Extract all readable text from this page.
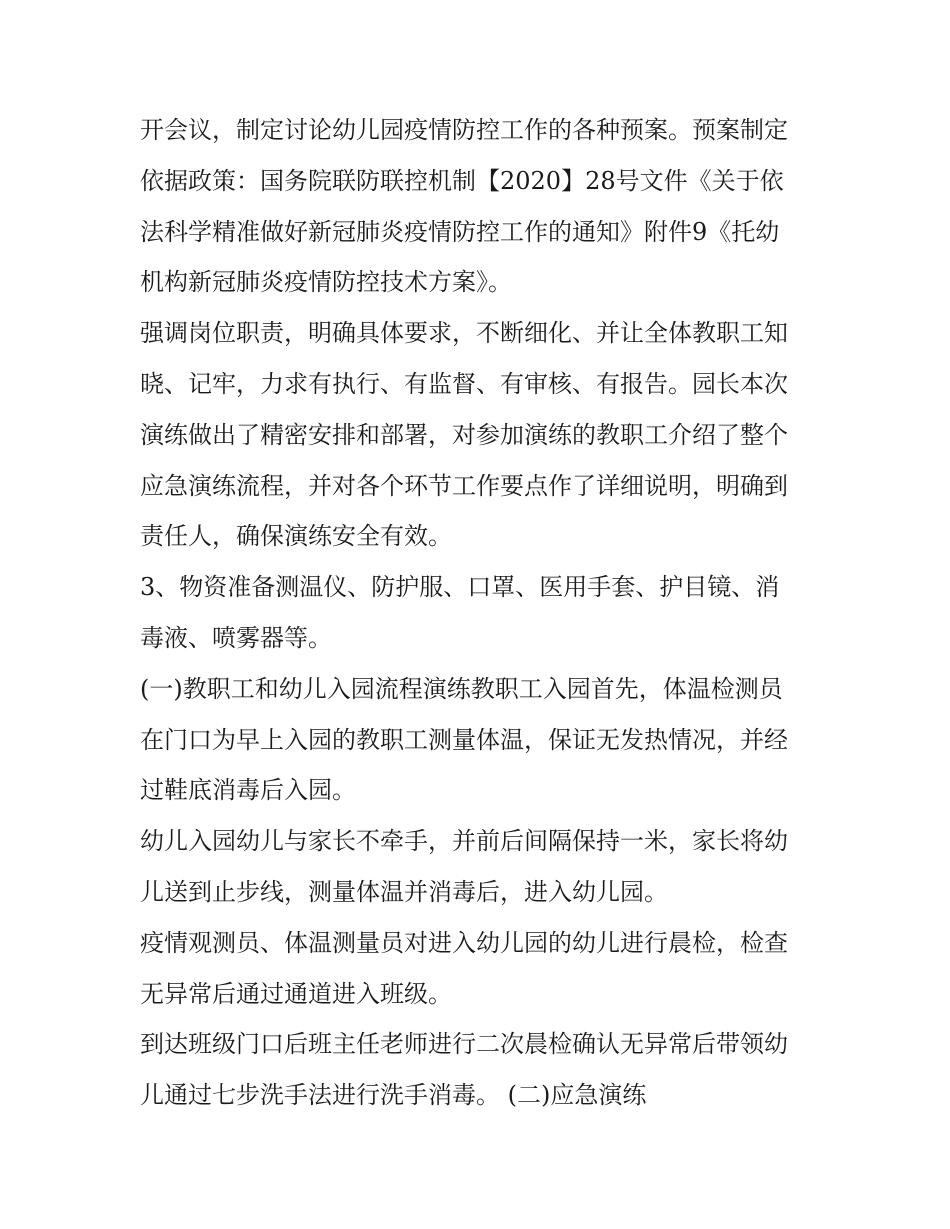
开会议，制定讨论幼儿园疫情防控工作的各种预案。预案制定
依据政策：国务院联防联控机制【2020】28号文件《关于依
法科学精准做好新冠肺炎疫情防控工作的通知》附件9《托幼
机构新冠肺炎疫情防控技术方案》。
强调岗位职责，明确具体要求，不断细化、并让全体教职工知
晓、记牢，力求有执行、有监督、有审核、有报告。园长本次
演练做出了精密安排和部署，对参加演练的教职工介绍了整个
应急演练流程，并对各个环节工作要点作了详细说明，明确到
责任人，确保演练安全有效。
3、物资准备测温仪、防护服、口罩、医用手套、护目镜、消
毒液、喷雾器等。
(一)教职工和幼儿入园流程演练教职工入园首先，体温检测员
在门口为早上入园的教职工测量体温，保证无发热情况，并经
过鞋底消毒后入园。
幼儿入园幼儿与家长不牵手，并前后间隔保持一米，家长将幼
儿送到止步线，测量体温并消毒后，进入幼儿园。
疫情观测员、体温测量员对进入幼儿园的幼儿进行晨检，检查
无异常后通过通道进入班级。
到达班级门口后班主任老师进行二次晨检确认无异常后带领幼
儿通过七步洗手法进行洗手消毒。 (二)应急演练
